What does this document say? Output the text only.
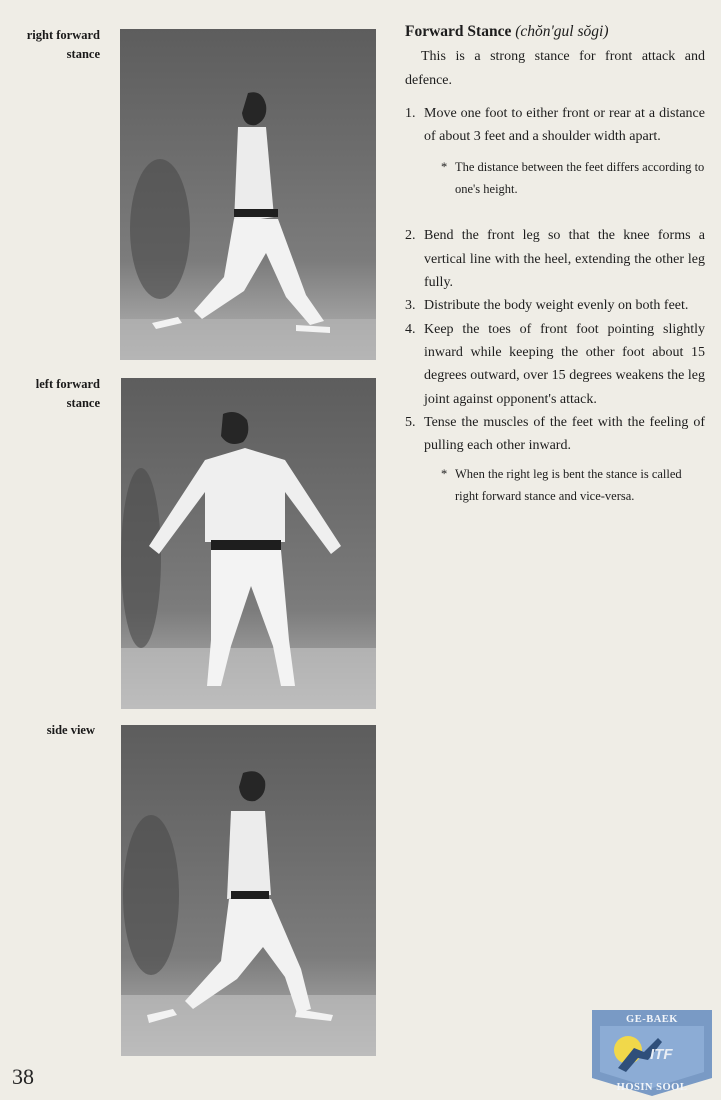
right forward
stance
left forward
stance
side view
Forward Stance (chŏn'gul sŏgi)

This is a strong stance for front attack and defence.

1. Move one foot to either front or rear at a distance of about 3 feet and a shoulder width apart.
* The distance between the feet differs according to one's height.
2. Bend the front leg so that the knee forms a vertical line with the heel, extending the other leg fully.
3. Distribute the body weight evenly on both feet.
4. Keep the toes of front foot pointing slightly inward while keeping the other foot about 15 degrees outward, over 15 degrees weakens the leg joint against opponent's attack.
5. Tense the muscles of the feet with the feeling of pulling each other inward.
* When the right leg is bent the stance is called right forward stance and vice-versa.
38
GE-BAEK
ITF
HOSIN SOOL
